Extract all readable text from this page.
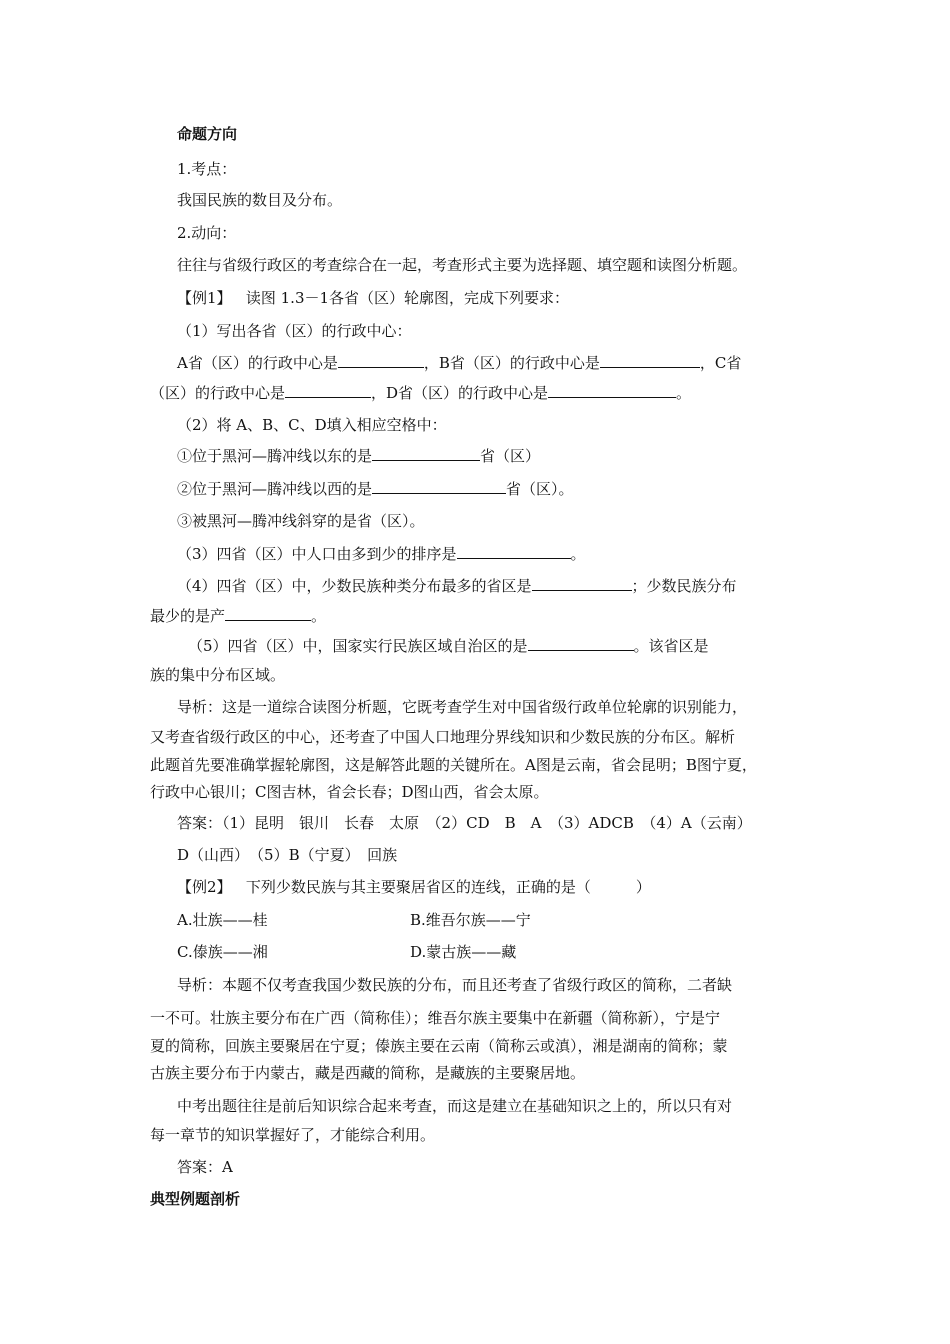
命题方向
1.考点：
我国民族的数目及分布。
2.动向：
往往与省级行政区的考查综合在一起，考查形式主要为选择题、填空题和读图分析题。
【例1】 读图 1.3－1各省（区）轮廓图，完成下列要求：
（1）写出各省（区）的行政中心：
A省（区）的行政中心是	，B省（区）的行政中心是	，C省
（区）的行政中心是	，D省（区）的行政中心是	。
（2）将 A、B、C、D填入相应空格中：
①位于黑河—腾冲线以东的是	省（区）
②位于黑河—腾冲线以西的是	省（区）。
③被黑河—腾冲线斜穿的是省（区）。
（3）四省（区）中人口由多到少的排序是	。
（4）四省（区）中，少数民族种类分布最多的省区是	；少数民族分布
最少的是产	。
（5）四省（区）中，国家实行民族区域自治区的是	。该省区是
族的集中分布区域。
导析：这是一道综合读图分析题，它既考查学生对中国省级行政单位轮廓的识别能力，
又考查省级行政区的中心，还考查了中国人口地理分界线知识和少数民族的分布区。解析
此题首先要准确掌握轮廓图，这是解答此题的关键所在。A图是云南，省会昆明；B图宁夏，
行政中心银川；C图吉林，省会长春；D图山西，省会太原。
答案：（1）昆明　银川　长春　太原　（2）CD　B　A　（3）ADCB　（4）A（云南）
D（山西）　（5）B（宁夏）　回族
【例2】 下列少数民族与其主要聚居省区的连线，正确的是（　　　）
A.壮族——桂	B.维吾尔族——宁
C.傣族——湘	D.蒙古族——藏
导析：本题不仅考查我国少数民族的分布，而且还考查了省级行政区的简称，二者缺
一不可。壮族主要分布在广西（简称佳）；维吾尔族主要集中在新疆（简称新），宁是宁
夏的简称，回族主要聚居在宁夏；傣族主要在云南（简称云或滇），湘是湖南的简称；蒙
古族主要分布于内蒙古，藏是西藏的简称，是藏族的主要聚居地。
中考出题往往是前后知识综合起来考查，而这是建立在基础知识之上的，所以只有对
每一章节的知识掌握好了，才能综合利用。
答案：A
典型例题剖析
